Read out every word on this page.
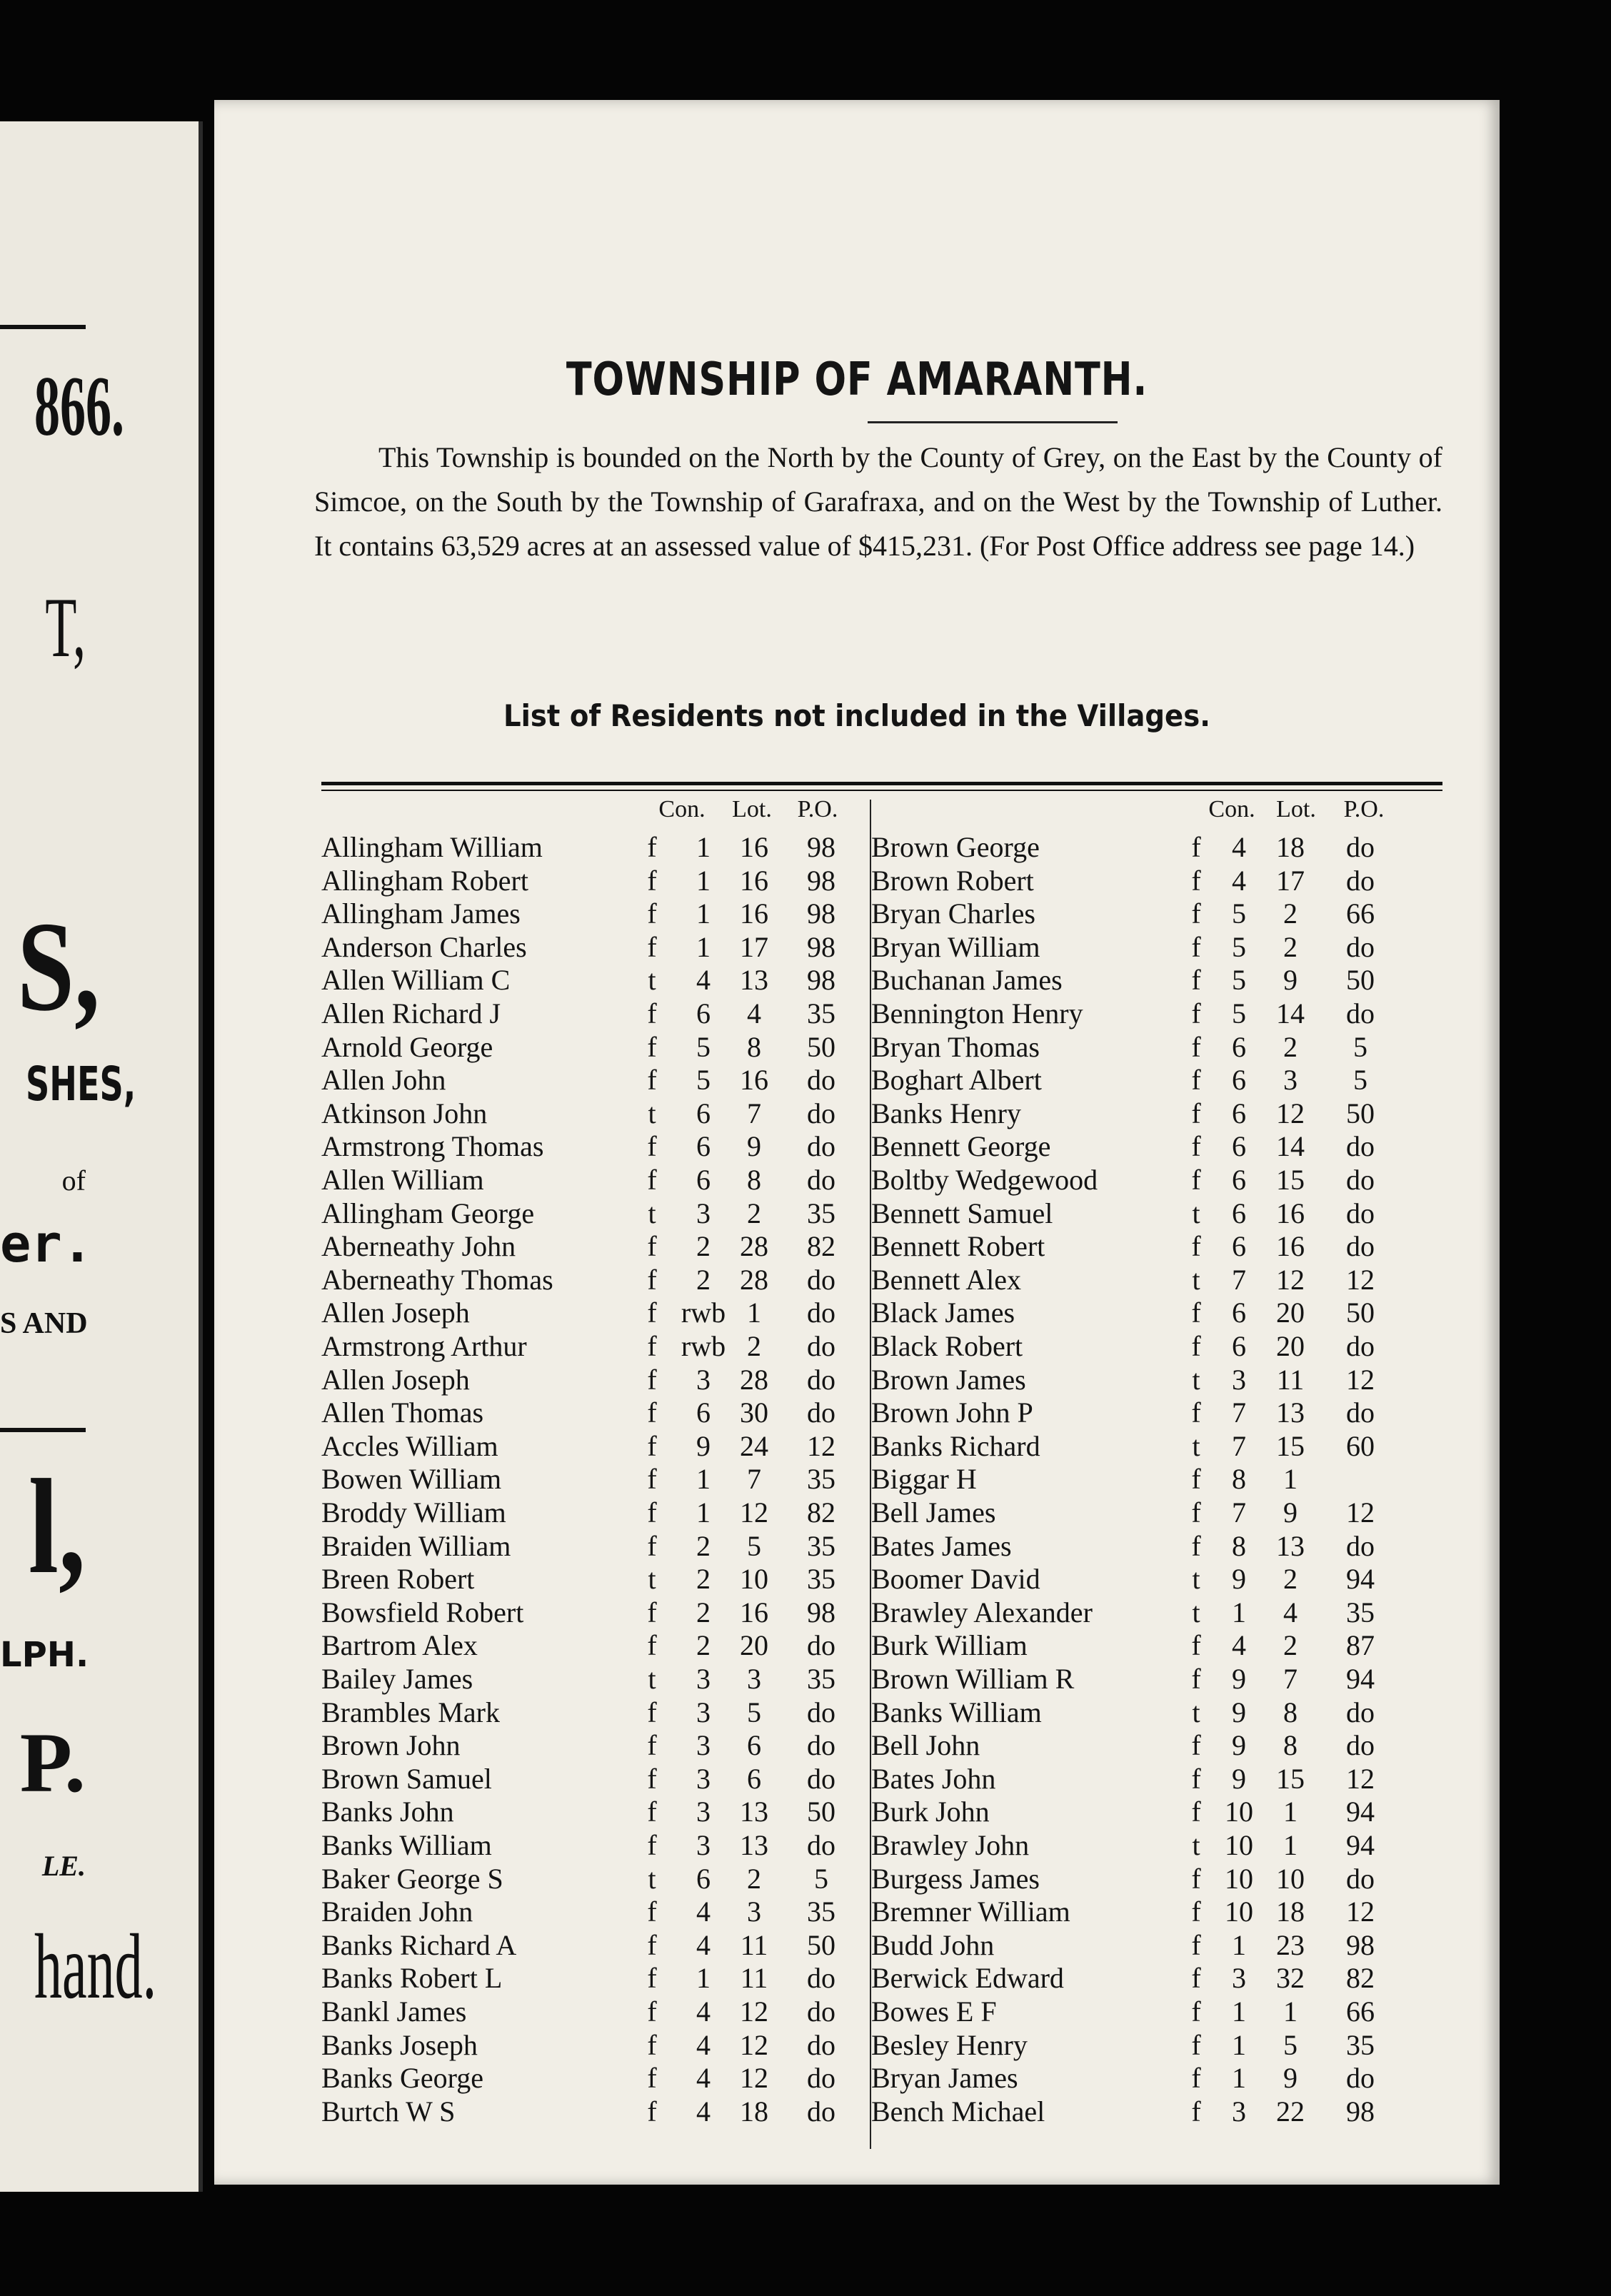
866.
T,
S,
SHES,
of
er.
S AND
l,
LPH.
P.
LE.
hand.
TOWNSHIP OF AMARANTH.
This Township is bounded on the North by the County of Grey, on the East by the County of Simcoe, on the South by the Township of Garafraxa, and on the West by the Township of Luther. It contains 63,529 acres at an assessed value of $415,231. (For Post Office address see page 14.)
List of Residents not included in the Villages.
Con.	Lot.	P.O.	Con. Lot.	P.O.
Allingham William	f	1	16	98
Allingham Robert	f	1	16	98
Allingham James	f	1	16	98
Anderson Charles	f	1	17	98
Allen William C	t	4	13	98
Allen Richard J	f	6	4	35
Arnold George	f	5	8	50
Allen John	f	5	16	do
Atkinson John	t	6	7	do
Armstrong Thomas	f	6	9	do
Allen William	f	6	8	do
Allingham George	t	3	2	35
Aberneathy John	f	2	28	82
Aberneathy Thomas	f	2	28	do
Allen Joseph	f rwb 1	do
Armstrong Arthur	f rwb 2	do
Allen Joseph	f	3	28	do
Allen Thomas	f	6	30	do
Accles William	f	9	24	12
Bowen William	f	1	7	35
Broddy William	f	1	12	82
Braiden William	f	2	5	35
Breen Robert	t	2	10	35
Bowsfield Robert	f	2	16	98
Bartrom Alex	f	2	20	do
Bailey James	t	3	3	35
Brambles Mark	f	3	5	do
Brown John	f	3	6	do
Brown Samuel	f	3	6	do
Banks John	f	3	13	50
Banks William	f	3	13	do
Baker George S	t	6	2	5
Braiden John	f	4	3	35
Banks Richard A	f	4	11	50
Banks Robert L	f	1	11	do
Bankl James	f	4	12	do
Banks Joseph	f	4	12	do
Banks George	f	4	12	do
Burtch W S	f	4	18	do
Brown George	f	4	18	do
Brown Robert	f	4	17	do
Bryan Charles	f	5	2	66
Bryan William	f	5	2	do
Buchanan James	f	5	9	50
Bennington Henry	f	5	14	do
Bryan Thomas	f	6	2	5
Boghart Albert	f	6	3	5
Banks Henry	f	6	12	50
Bennett George	f	6	14	do
Boltby Wedgewood	f	6	15	do
Bennett Samuel	t	6	16	do
Bennett Robert	f	6	16	do
Bennett Alex	t	7	12	12
Black James	f	6	20	50
Black Robert	f	6	20	do
Brown James	t	3	11	12
Brown John P	f	7	13	do
Banks Richard	t	7	15	60
Biggar H	f	8	1
Bell James	f	7	9	12
Bates James	f	8	13	do
Boomer David	t	9	2	94
Brawley Alexander	t	1	4	35
Burk William	f	4	2	87
Brown William R	f	9	7	94
Banks William	t	9	8	do
Bell John	f	9	8	do
Bates John	f	9	15	12
Burk John	f 10	1	94
Brawley John	t 10	1	94
Burgess James	f 10 10	do
Bremner William	f 10 18	12
Budd John	f	1	23	98
Berwick Edward	f	3	32	82
Bowes E F	f	1	1	66
Besley Henry	f	1	5	35
Bryan James	f	1	9	do
Bench Michael	f	3	22	98
